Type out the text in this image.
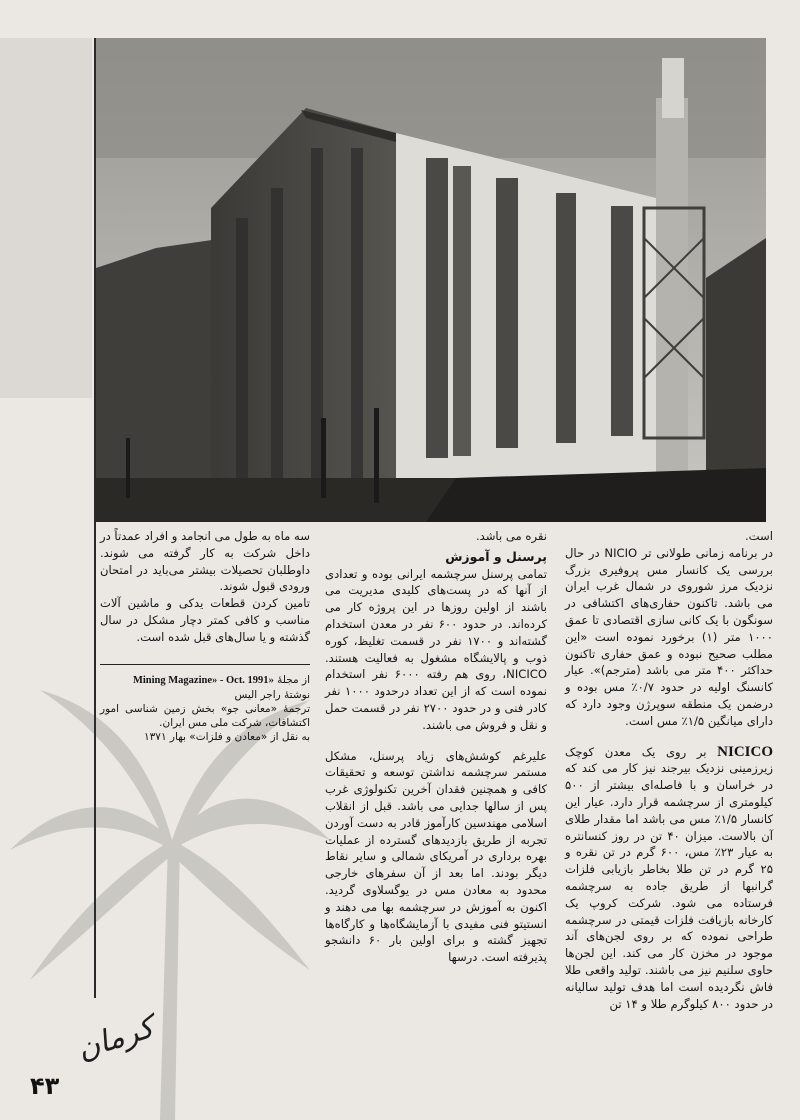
است.

در برنامه زمانی طولانی تر NICIO در حال بررسی یک کانسار مس پروفیری بزرگ نزدیک مرز شوروی در شمال غرب ایران می باشد. تاکنون حفاری‌های اکتشافی در سونگون با یک کانی سازی اقتصادی تا عمق ۱۰۰۰ متر (۱) برخورد نموده است «این مطلب صحیح نبوده و عمق حفاری تاکنون حداکثر ۴۰۰ متر می باشد (مترجم)». عیار کانسنگ اولیه در حدود ۰/۷٪ مس بوده و درضمن یک منطقه سوپرژن وجود دارد که دارای میانگین ۱/۵٪ مس است.

NICICO بر روی یک معدن کوچک زیرزمینی نزدیک بیرجند نیز کار می کند که در خراسان و با فاصله‌ای بیشتر از ۵۰۰ کیلومتری از سرچشمه قرار دارد. عیار این کانسار ۱/۵٪ مس می باشد اما مقدار طلای آن بالاست. میزان ۴۰ تن در روز کنسانتره به عیار ۲۳٪ مس، ۶۰۰ گرم در تن نقره و ۲۵ گرم در تن طلا بخاطر بازیابی فلزات گرانبها از طریق جاده به سرچشمه فرستاده می شود. شرکت کروپ یک کارخانه بازیافت فلزات قیمتی در سرچشمه طراحی نموده که بر روی لجن‌های آند موجود در مخزن کار می کند. این لجن‌ها حاوی سلنیم نیز می باشند. تولید واقعی طلا فاش نگردیده است اما هدف تولید سالیانه در حدود ۸۰۰ کیلوگرم طلا و ۱۴ تن

نقره می باشد.

پرسنل و آموزش

تمامی پرسنل سرچشمه ایرانی بوده و تعدادی از آنها که در پست‌های کلیدی مدیریت می باشند از اولین روزها در این پروژه کار می کرده‌اند. در حدود ۶۰۰ نفر در معدن استخدام گشته‌اند و ۱۷۰۰ نفر در قسمت تغلیظ، کوره ذوب و پالایشگاه مشغول به فعالیت هستند. NICICO، روی هم رفته ۶۰۰۰ نفر استخدام نموده است که از این تعداد درحدود ۱۰۰۰ نفر کادر فنی و در حدود ۲۷۰۰ نفر در قسمت حمل و نقل و فروش می باشند.

علیرغم کوشش‌های زیاد پرسنل، مشکل مستمر سرچشمه نداشتن توسعه و تحقیقات کافی و همچنین فقدان آخرین تکنولوژی غرب پس از سالها جدایی می باشد. قبل از انقلاب اسلامی مهندسین کارآموز قادر به دست آوردن تجربه از طریق بازدیدهای گسترده از عملیات بهره برداری در آمریکای شمالی و سایر نقاط دیگر بودند. اما بعد از آن سفرهای خارجی محدود به معادن مس در یوگسلاوی گردید. اکنون به آموزش در سرچشمه بها می دهند و انستیتو فنی مفیدی با آزمایشگاه‌ها و کارگاه‌ها تجهیز گشته و برای اولین بار ۶۰ دانشجو پذیرفته است. درسها

سه ماه به طول می انجامد و افراد عمدتاً در داخل شرکت به کار گرفته می شوند. داوطلبان تحصیلات بیشتر می‌باید در امتحان ورودی قبول شوند.

تامین کردن قطعات یدکی و ماشین آلات مناسب و کافی کمتر دچار مشکل در سال گذشته و یا سال‌های قبل شده است.

از مجلهٔ «Mining Magazine» - Oct. 1991
نوشتهٔ راجر الیس
ترجمهٔ «معانی جو» بخش زمین شناسی امور اکتشافات، شرکت ملی مس ایران.
به نقل از «معادن و فلزات» بهار ۱۳۷۱
کرمان
۴۳
